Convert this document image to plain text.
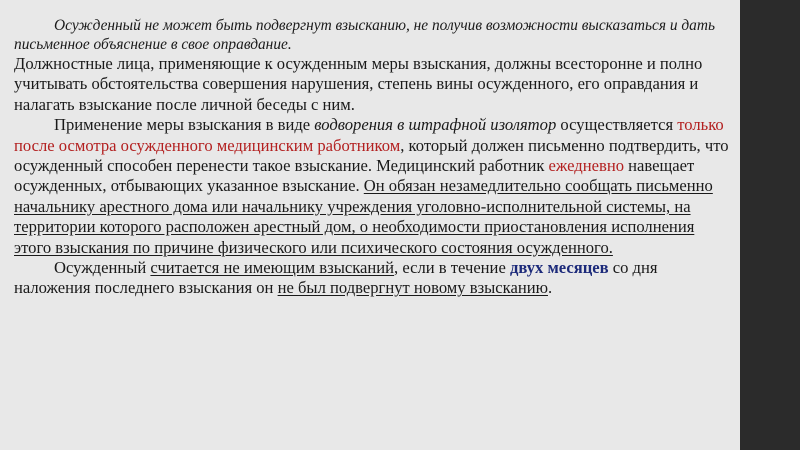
Осужденный не может быть подвергнут взысканию, не получив возможности высказаться и дать письменное объяснение в свое оправдание.

Должностные лица, применяющие к осужденным меры взыскания, должны всесторонне и полно учитывать обстоятельства совершения нарушения, степень вины осужденного, его оправдания и налагать взыскание после личной беседы с ним.

Применение меры взыскания в виде водворения в штрафной изолятор осуществляется только после осмотра осужденного медицинским работником, который должен письменно подтвердить, что осужденный способен перенести такое взыскание. Медицинский работник ежедневно навещает осужденных, отбывающих указанное взыскание. Он обязан незамедлительно сообщать письменно начальнику арестного дома или начальнику учреждения уголовно-исполнительной системы, на территории которого расположен арестный дом, о необходимости приостановления исполнения этого взыскания по причине физического или психического состояния осужденного.

Осужденный считается не имеющим взысканий, если в течение двух месяцев со дня наложения последнего взыскания он не был подвергнут новому взысканию.
